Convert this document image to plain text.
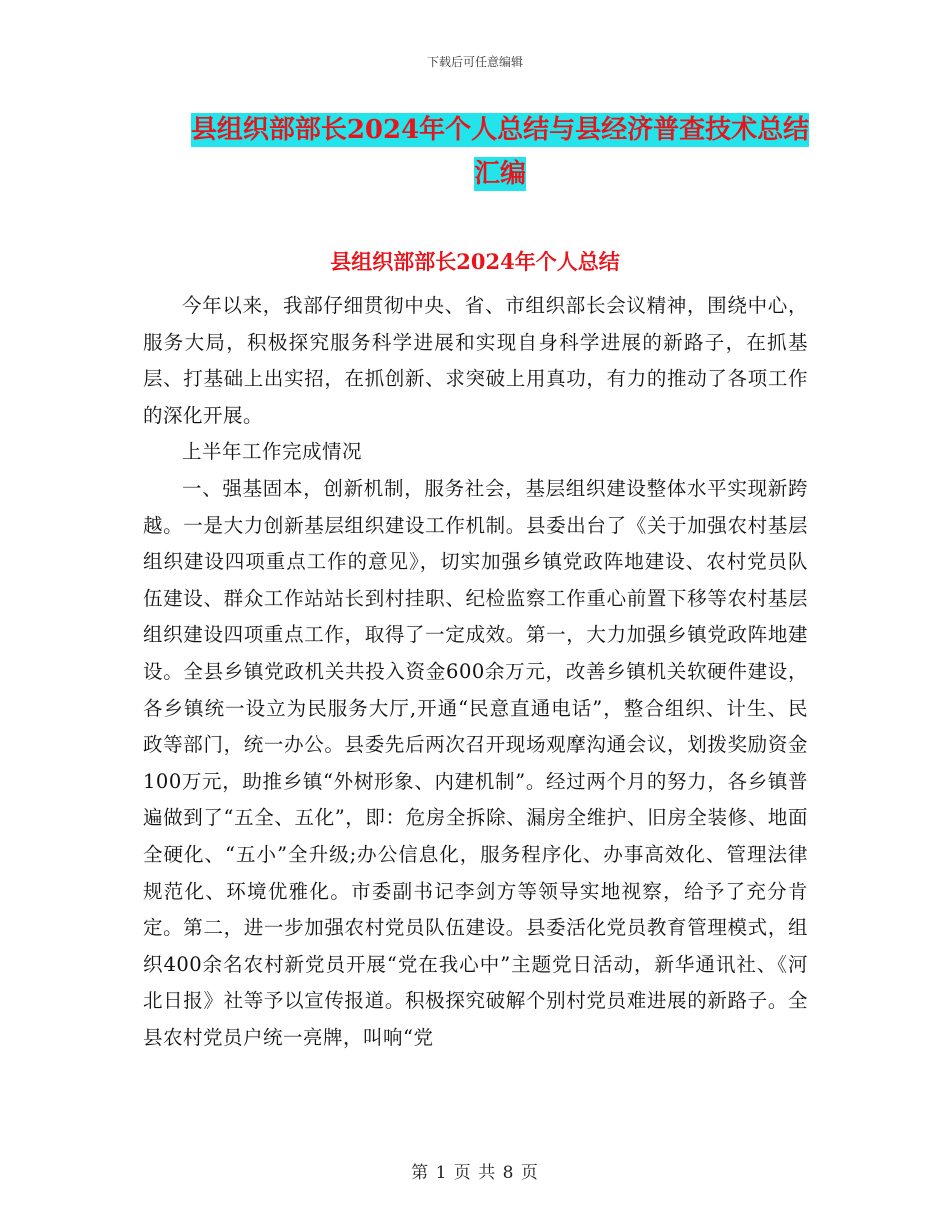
下载后可任意编辑
县组织部部长2024年个人总结与县经济普查技术总结
汇编
县组织部部长2024年个人总结

今年以来，我部仔细贯彻中央、省、市组织部长会议精神，围绕中心，服务大局，积极探究服务科学进展和实现自身科学进展的新路子，在抓基层、打基础上出实招，在抓创新、求突破上用真功，有力的推动了各项工作的深化开展。

上半年工作完成情况

一、强基固本，创新机制，服务社会，基层组织建设整体水平实现新跨越。一是大力创新基层组织建设工作机制。县委出台了《关于加强农村基层组织建设四项重点工作的意见》，切实加强乡镇党政阵地建设、农村党员队伍建设、群众工作站站长到村挂职、纪检监察工作重心前置下移等农村基层组织建设四项重点工作，取得了一定成效。第一，大力加强乡镇党政阵地建设。全县乡镇党政机关共投入资金600余万元，改善乡镇机关软硬件建设，各乡镇统一设立为民服务大厅,开通“民意直通电话”，整合组织、计生、民政等部门，统一办公。县委先后两次召开现场观摩沟通会议，划拨奖励资金100万元，助推乡镇“外树形象、内建机制”。经过两个月的努力，各乡镇普遍做到了“五全、五化”，即：危房全拆除、漏房全维护、旧房全装修、地面全硬化、“五小”全升级;办公信息化，服务程序化、办事高效化、管理法律规范化、环境优雅化。市委副书记李剑方等领导实地视察，给予了充分肯定。第二，进一步加强农村党员队伍建设。县委活化党员教育管理模式，组织400余名农村新党员开展“党在我心中”主题党日活动，新华通讯社、《河北日报》社等予以宣传报道。积极探究破解个别村党员难进展的新路子。全县农村党员户统一亮牌，叫响“党

第 1 页 共 8 页
